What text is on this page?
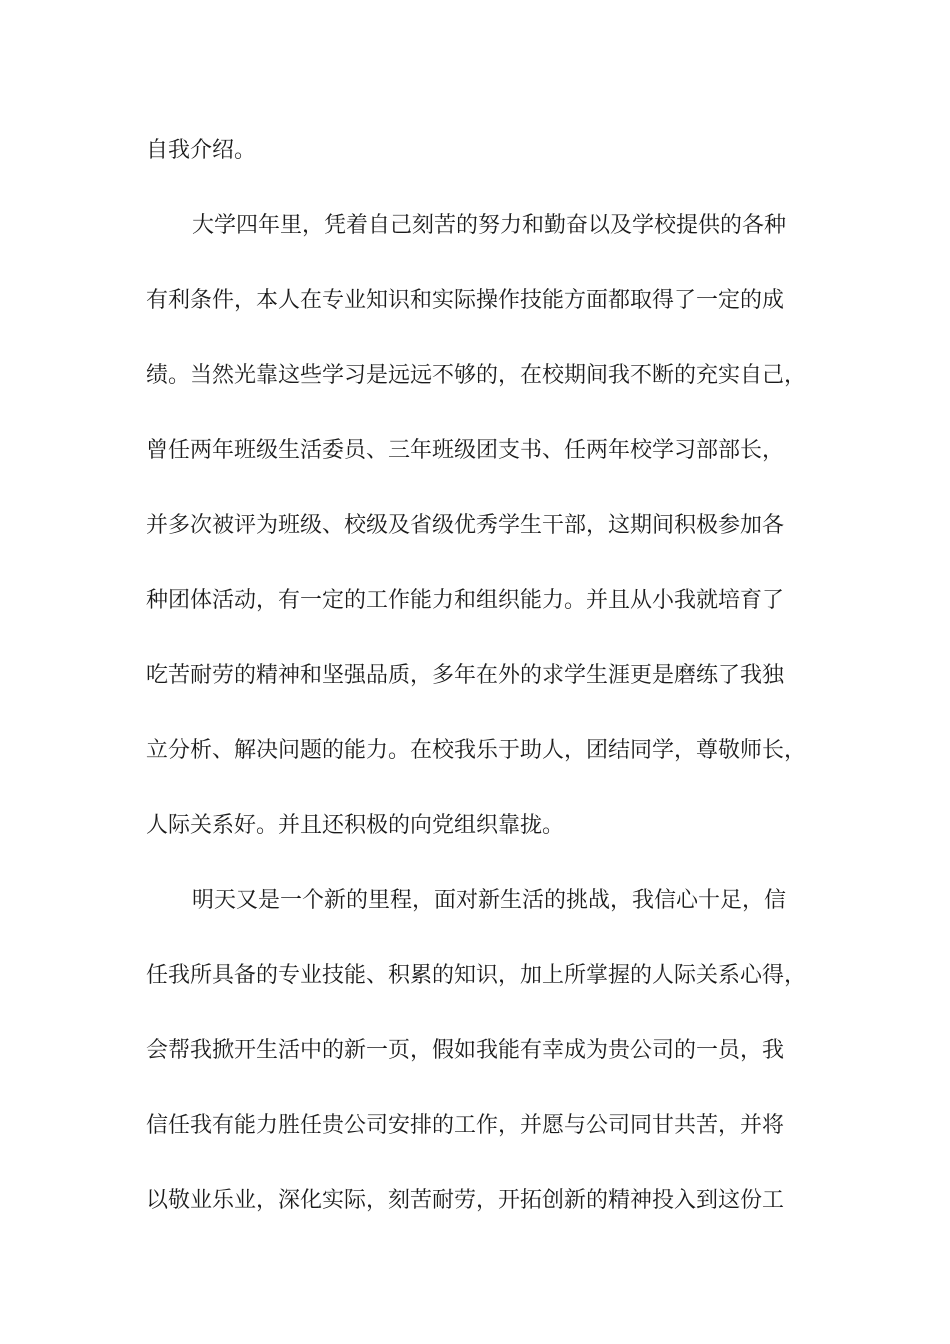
自我介绍。
大学四年里，凭着自己刻苦的努力和勤奋以及学校提供的各种
有利条件，本人在专业知识和实际操作技能方面都取得了一定的成
绩。当然光靠这些学习是远远不够的，在校期间我不断的充实自己，
曾任两年班级生活委员、三年班级团支书、任两年校学习部部长，
并多次被评为班级、校级及省级优秀学生干部，这期间积极参加各
种团体活动，有一定的工作能力和组织能力。并且从小我就培育了
吃苦耐劳的精神和坚强品质，多年在外的求学生涯更是磨练了我独
立分析、解决问题的能力。在校我乐于助人，团结同学，尊敬师长，
人际关系好。并且还积极的向党组织靠拢。
明天又是一个新的里程，面对新生活的挑战，我信心十足，信
任我所具备的专业技能、积累的知识，加上所掌握的人际关系心得，
会帮我掀开生活中的新一页，假如我能有幸成为贵公司的一员，我
信任我有能力胜任贵公司安排的工作，并愿与公司同甘共苦，并将
以敬业乐业，深化实际，刻苦耐劳，开拓创新的精神投入到这份工
